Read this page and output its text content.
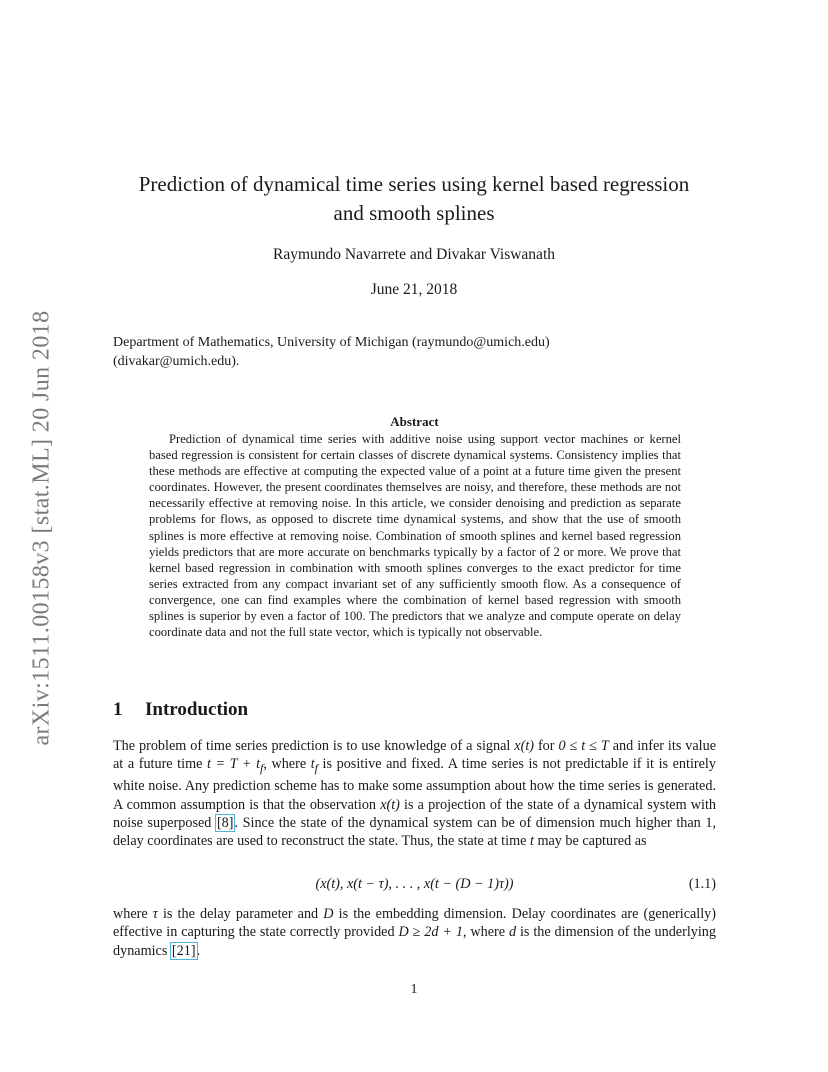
arXiv:1511.00158v3 [stat.ML] 20 Jun 2018
Prediction of dynamical time series using kernel based regression
and smooth splines
Raymundo Navarrete and Divakar Viswanath
June 21, 2018
Department of Mathematics, University of Michigan (raymundo@umich.edu)
(divakar@umich.edu).
Abstract
Prediction of dynamical time series with additive noise using support vector machines or kernel based regression is consistent for certain classes of discrete dynamical systems. Consistency implies that these methods are effective at computing the expected value of a point at a future time given the present coordinates. However, the present coordinates themselves are noisy, and therefore, these methods are not necessarily effective at removing noise. In this article, we consider denoising and prediction as separate problems for flows, as opposed to discrete time dynamical systems, and show that the use of smooth splines is more effective at removing noise. Combination of smooth splines and kernel based regression yields predictors that are more accurate on benchmarks typically by a factor of 2 or more. We prove that kernel based regression in combination with smooth splines converges to the exact predictor for time series extracted from any compact invariant set of any sufficiently smooth flow. As a consequence of convergence, one can find examples where the combination of kernel based regression with smooth splines is superior by even a factor of 100. The predictors that we analyze and compute operate on delay coordinate data and not the full state vector, which is typically not observable.
1 Introduction

The problem of time series prediction is to use knowledge of a signal x(t) for 0 ≤ t ≤ T and infer its value at a future time $t = T + t_f$, where $t_f$ is positive and fixed. A time series is not predictable if it is entirely white noise. Any prediction scheme has to make some assumption about how the time series is generated. A common assumption is that the observation x(t) is a projection of the state of a dynamical system with noise superposed [8]. Since the state of the dynamical system can be of dimension much higher than 1, delay coordinates are used to reconstruct the state. Thus, the state at time t may be captured as

(x(t), x(t − τ), . . . , x(t − (D − 1)τ))	(1.1)

where τ is the delay parameter and D is the embedding dimension. Delay coordinates are (generically) effective in capturing the state correctly provided D ≥ 2d + 1, where d is the dimension of the underlying dynamics [21].

1
